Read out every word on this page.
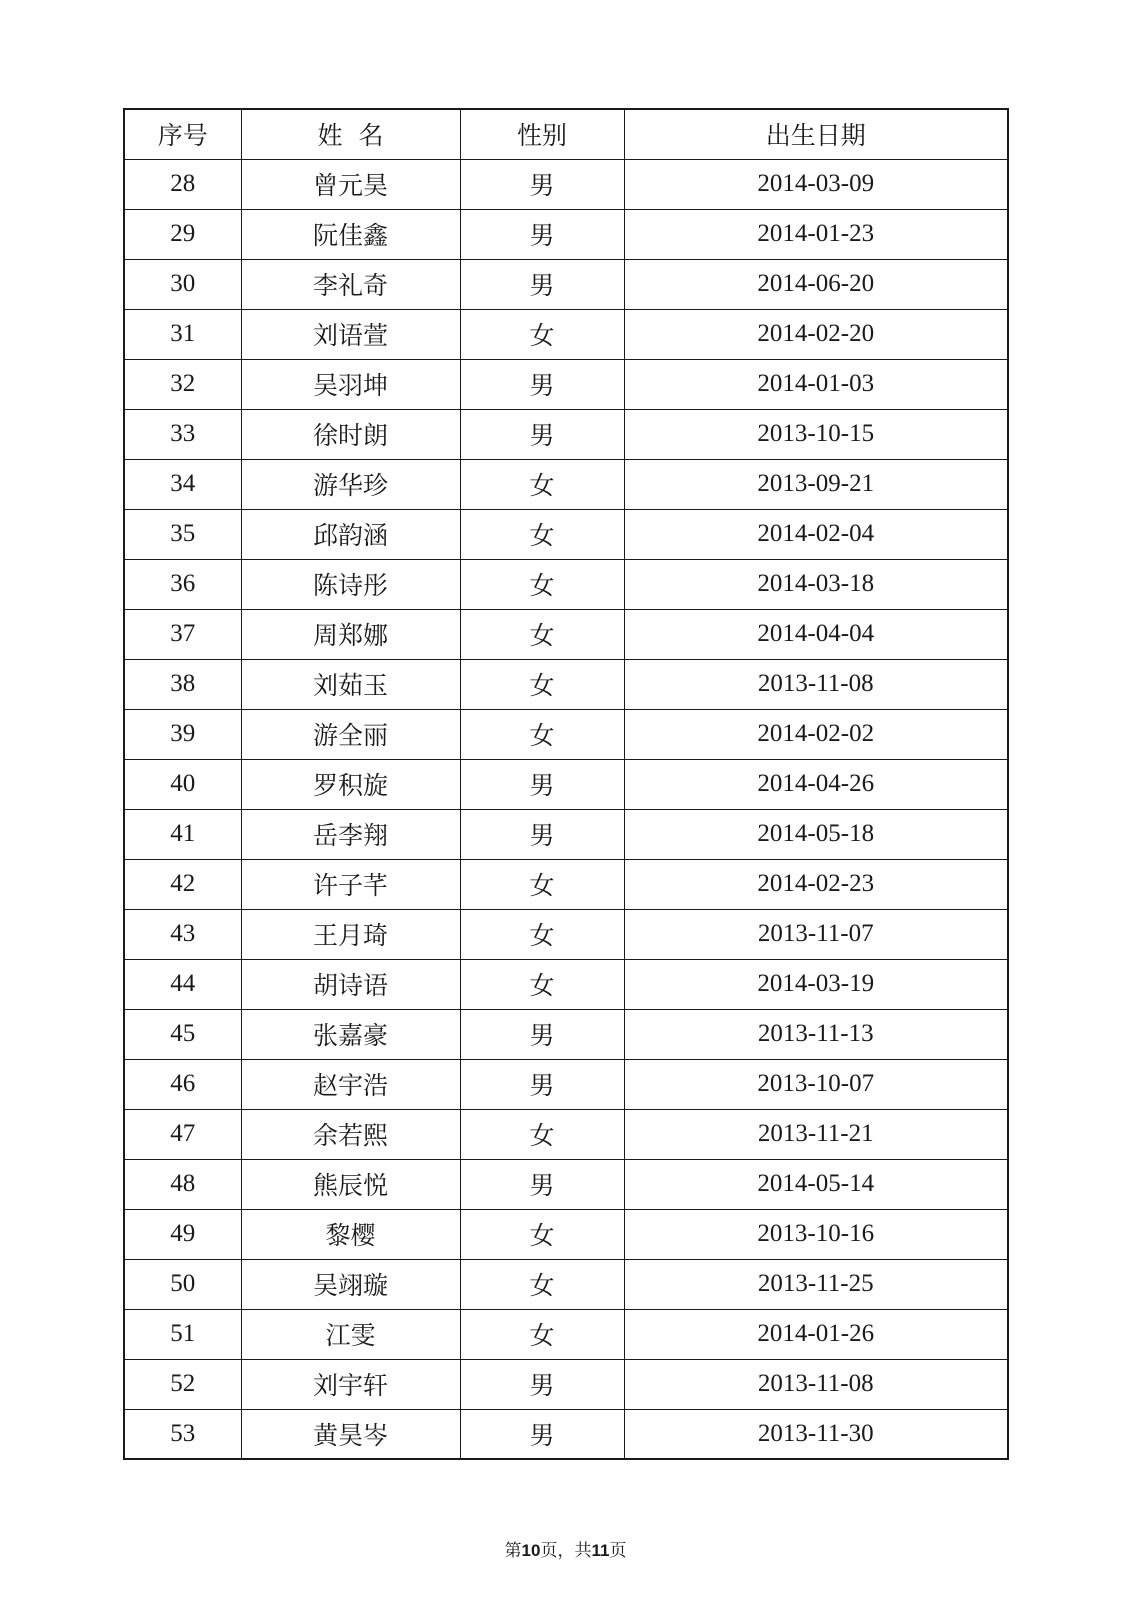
序号	姓  名	性别	出生日期
28	曾元昊	男	2014-03-09
29	阮佳鑫	男	2014-01-23
30	李礼奇	男	2014-06-20
31	刘语萱	女	2014-02-20
32	吴羽坤	男	2014-01-03
33	徐时朗	男	2013-10-15
34	游华珍	女	2013-09-21
35	邱韵涵	女	2014-02-04
36	陈诗彤	女	2014-03-18
37	周郑娜	女	2014-04-04
38	刘茹玉	女	2013-11-08
39	游全丽	女	2014-02-02
40	罗积旋	男	2014-04-26
41	岳李翔	男	2014-05-18
42	许子芊	女	2014-02-23
43	王月琦	女	2013-11-07
44	胡诗语	女	2014-03-19
45	张嘉豪	男	2013-11-13
46	赵宇浩	男	2013-10-07
47	余若熙	女	2013-11-21
48	熊辰悦	男	2014-05-14
49	黎樱	女	2013-10-16
50	吴翊璇	女	2013-11-25
51	江雯	女	2014-01-26
52	刘宇轩	男	2013-11-08
53	黄昊岑	男	2013-11-30
第10页，共11页
